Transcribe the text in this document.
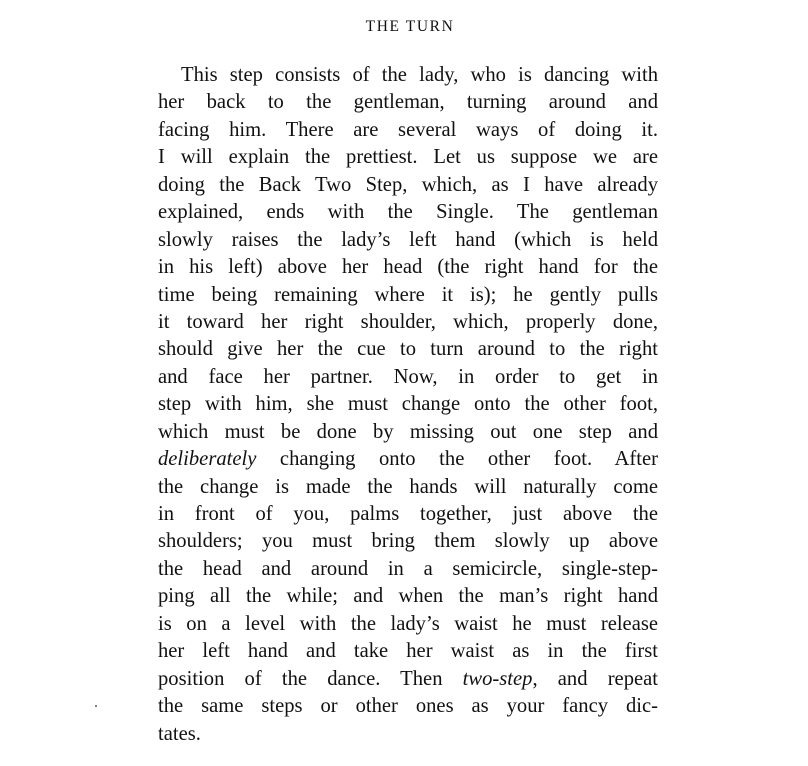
THE TURN
This step consists of the lady, who is dancing with
her back to the gentleman, turning around and
facing him. There are several ways of doing it.
I will explain the prettiest. Let us suppose we are
doing the Back Two Step, which, as I have already
explained, ends with the Single. The gentleman
slowly raises the lady’s left hand (which is held
in his left) above her head (the right hand for the
time being remaining where it is); he gently pulls
it toward her right shoulder, which, properly done,
should give her the cue to turn around to the right
and face her partner. Now, in order to get in
step with him, she must change onto the other foot,
which must be done by missing out one step and
deliberately changing onto the other foot. After
the change is made the hands will naturally come
in front of you, palms together, just above the
shoulders; you must bring them slowly up above
the head and around in a semicircle, single-step-
ping all the while; and when the man’s right hand
is on a level with the lady’s waist he must release
her left hand and take her waist as in the first
position of the dance. Then two-step, and repeat
the same steps or other ones as your fancy dic-
tates.
